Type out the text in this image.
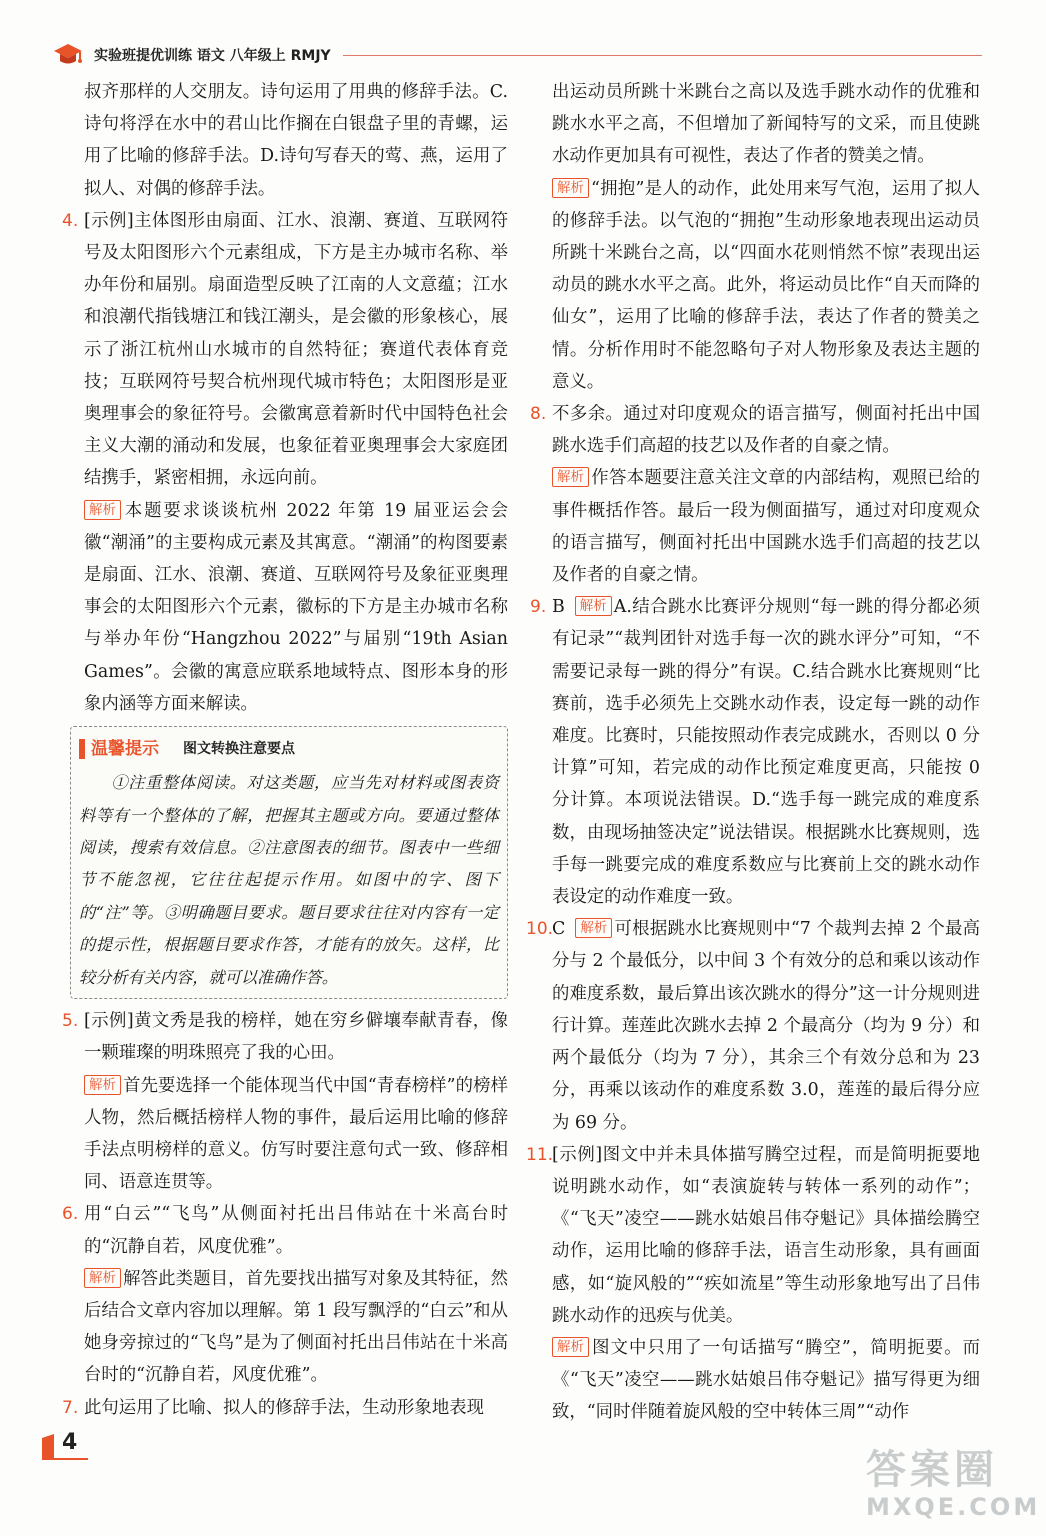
实验班提优训练 语文 八年级上 RMJY

叔齐那样的人交朋友。诗句运用了用典的修辞手法。C.诗句将浮在水中的君山比作搁在白银盘子里的青螺，运用了比喻的修辞手法。D.诗句写春天的莺、燕，运用了拟人、对偶的修辞手法。

4. [示例]主体图形由扇面、江水、浪潮、赛道、互联网符号及太阳图形六个元素组成，下方是主办城市名称、举办年份和届别。扇面造型反映了江南的人文意蕴；江水和浪潮代指钱塘江和钱江潮头，是会徽的形象核心，展示了浙江杭州山水城市的自然特征；赛道代表体育竞技；互联网符号契合杭州现代城市特色；太阳图形是亚奥理事会的象征符号。会徽寓意着新时代中国特色社会主义大潮的涌动和发展，也象征着亚奥理事会大家庭团结携手，紧密相拥，永远向前。
解析 本题要求谈谈杭州 2022 年第 19 届亚运会会徽“潮涌”的主要构成元素及其寓意。“潮涌”的构图要素是扇面、江水、浪潮、赛道、互联网符号及象征亚奥理事会的太阳图形六个元素，徽标的下方是主办城市名称与举办年份“Hangzhou 2022”与届别“19th Asian Games”。会徽的寓意应联系地域特点、图形本身的形象内涵等方面来解读。
温馨提示 图文转换注意要点
①注重整体阅读。对这类题，应当先对材料或图表资料等有一个整体的了解，把握其主题或方向。要通过整体阅读，搜索有效信息。②注意图表的细节。图表中一些细节不能忽视，它往往起提示作用。如图中的字、图下的“注”等。③明确题目要求。题目要求往往对内容有一定的提示性，根据题目要求作答，才能有的放矢。这样，比较分析有关内容，就可以准确作答。
5. [示例]黄文秀是我的榜样，她在穷乡僻壤奉献青春，像一颗璀璨的明珠照亮了我的心田。
解析 首先要选择一个能体现当代中国“青春榜样”的榜样人物，然后概括榜样人物的事件，最后运用比喻的修辞手法点明榜样的意义。仿写时要注意句式一致、修辞相同、语意连贯等。
6. 用“白云”“飞鸟”从侧面衬托出吕伟站在十米高台时的“沉静自若，风度优雅”。
解析 解答此类题目，首先要找出描写对象及其特征，然后结合文章内容加以理解。第 1 段写飘浮的“白云”和从她身旁掠过的“飞鸟”是为了侧面衬托出吕伟站在十米高台时的“沉静自若，风度优雅”。
7. 此句运用了比喻、拟人的修辞手法，生动形象地表现

出运动员所跳十米跳台之高以及选手跳水动作的优雅和跳水水平之高，不但增加了新闻特写的文采，而且使跳水动作更加具有可视性，表达了作者的赞美之情。

解析 “拥抱”是人的动作，此处用来写气泡，运用了拟人的修辞手法。以气泡的“拥抱”生动形象地表现出运动员所跳十米跳台之高，以“四面水花则悄然不惊”表现出运动员的跳水水平之高。此外，将运动员比作“自天而降的仙女”，运用了比喻的修辞手法，表达了作者的赞美之情。分析作用时不能忽略句子对人物形象及表达主题的意义。
8. 不多余。通过对印度观众的语言描写，侧面衬托出中国跳水选手们高超的技艺以及作者的自豪之情。
解析 作答本题要注意关注文章的内部结构，观照已给的事件概括作答。最后一段为侧面描写，通过对印度观众的语言描写，侧面衬托出中国跳水选手们高超的技艺以及作者的自豪之情。
9. B 解析 A.结合跳水比赛评分规则“每一跳的得分都必须有记录”“裁判团针对选手每一次的跳水评分”可知，“不需要记录每一跳的得分”有误。C.结合跳水比赛规则“比赛前，选手必须先上交跳水动作表，设定每一跳的动作难度。比赛时，只能按照动作表完成跳水，否则以 0 分计算”可知，若完成的动作比预定难度更高，只能按 0 分计算。本项说法错误。D.“选手每一跳完成的难度系数，由现场抽签决定”说法错误。根据跳水比赛规则，选手每一跳要完成的难度系数应与比赛前上交的跳水动作表设定的动作难度一致。
10.
C 解析 可根据跳水比赛规则中“7 个裁判去掉 2 个最高分与 2 个最低分，以中间 3 个有效分的总和乘以该动作的难度系数，最后算出该次跳水的得分”这一计分规则进行计算。莲莲此次跳水去掉 2 个最高分（均为 9 分）和两个最低分（均为 7 分），其余三个有效分总和为 23 分，再乘以该动作的难度系数 3.0，莲莲的最后得分应为 69 分。
11.
[示例]图文中并未具体描写腾空过程，而是简明扼要地说明跳水动作，如“表演旋转与转体一系列的动作”；《“飞天”凌空——跳水姑娘吕伟夺魁记》具体描绘腾空动作，运用比喻的修辞手法，语言生动形象，具有画面感，如“旋风般的”“疾如流星”等生动形象地写出了吕伟跳水动作的迅疾与优美。
解析 图文中只用了一句话描写“腾空”，简明扼要。而《“飞天”凌空——跳水姑娘吕伟夺魁记》描写得更为细致，“同时伴随着旋风般的空中转体三周”“动作
4
答案圈
MXQE.COM
